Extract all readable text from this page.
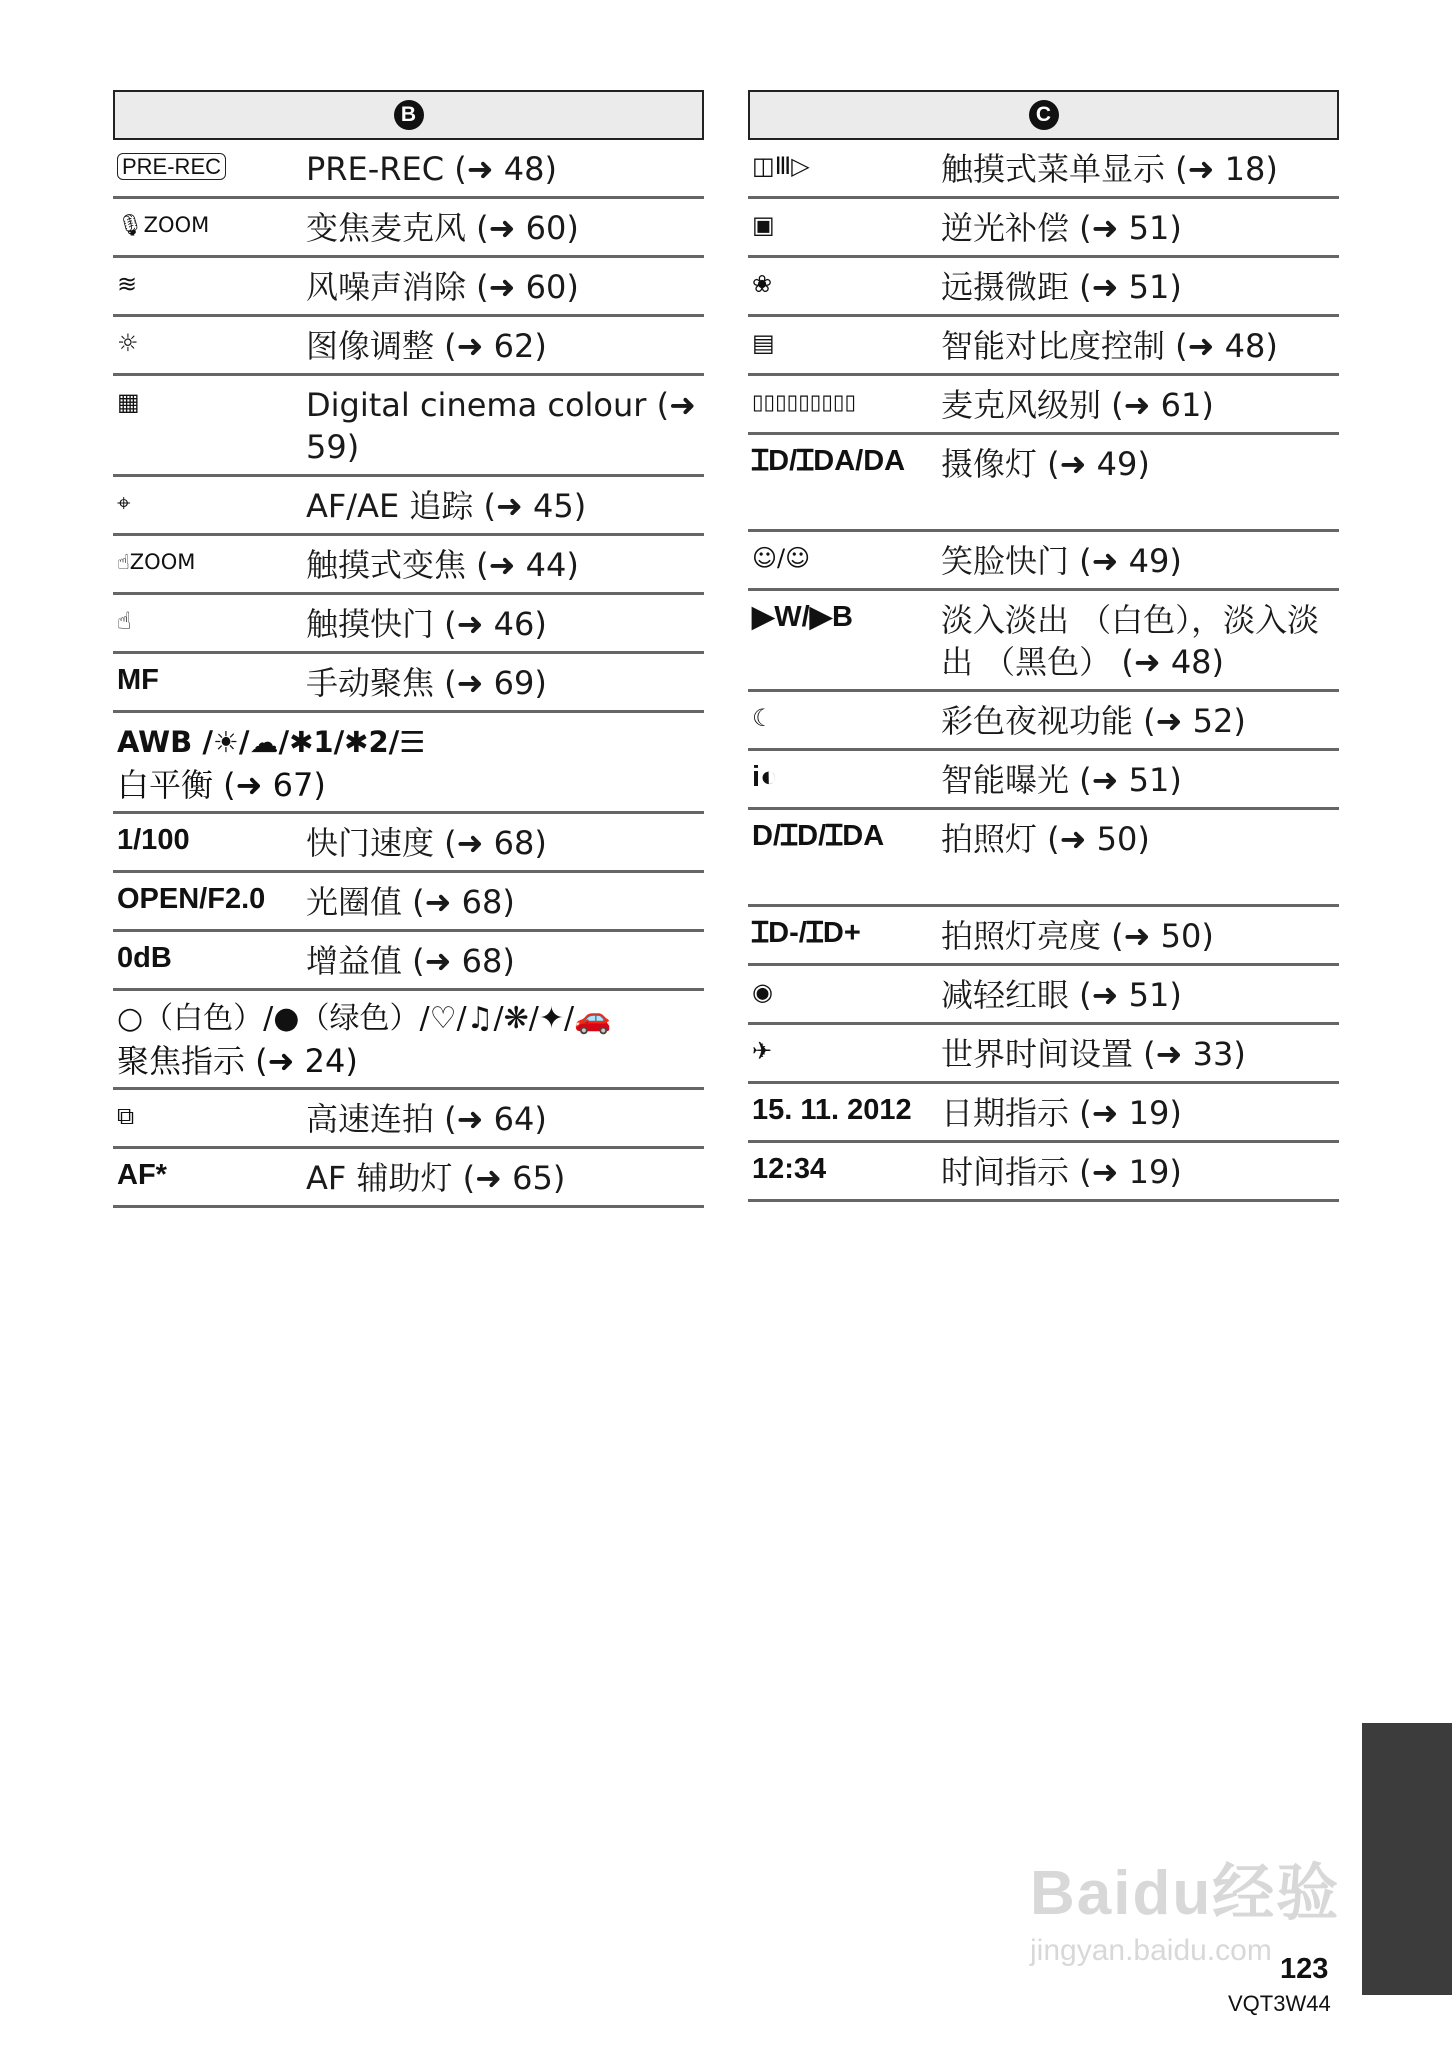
B
PRE-REC	PRE-REC (➜ 48)
🎙ZOOM	变焦麦克风 (➜ 60)
≋	风噪声消除 (➜ 60)
☼	图像调整 (➜ 62)
▦	Digital cinema colour (➜ 59)
⌖	AF/AE 追踪 (➜ 45)
☝ZOOM	触摸式变焦 (➜ 44)
☝	触摸快门 (➜ 46)
MF	手动聚焦 (➜ 69)
AWB /☀/☁/✱1/✱2/☰
白平衡 (➜ 67)
1/100	快门速度 (➜ 68)
OPEN/F2.0	光圈值 (➜ 68)
0dB	增益值 (➜ 68)
○（白色）/●（绿色）/♡/♫/❋/✦/🚗
聚焦指示 (➜ 24)
⧉	高速连拍 (➜ 64)
AF*	AF 辅助灯 (➜ 65)
C
◫Ⅲ▷	触摸式菜单显示 (➜ 18)
▣	逆光补偿 (➜ 51)
❀	远摄微距 (➜ 51)
▤	智能对比度控制 (➜ 48)
▯▯▯▯▯▯▯▯▯	麦克风级别 (➜ 61)
ꞮD/ꞮDA/DA	摄像灯 (➜ 49)
☺/☺	笑脸快门 (➜ 49)
▶W/▶B	淡入淡出 （白色），淡入淡出 （黑色） (➜ 48)
☾	彩色夜视功能 (➜ 52)
i◐	智能曝光 (➜ 51)
D/ꞮD/ꞮDA	拍照灯 (➜ 50)
ꞮD-/ꞮD+	拍照灯亮度 (➜ 50)
◉	减轻红眼 (➜ 51)
✈	世界时间设置 (➜ 33)
15. 11. 2012 日期指示 (➜ 19)
12:34	时间指示 (➜ 19)
Baidu经验
jingyan.baidu.com
123
VQT3W44
